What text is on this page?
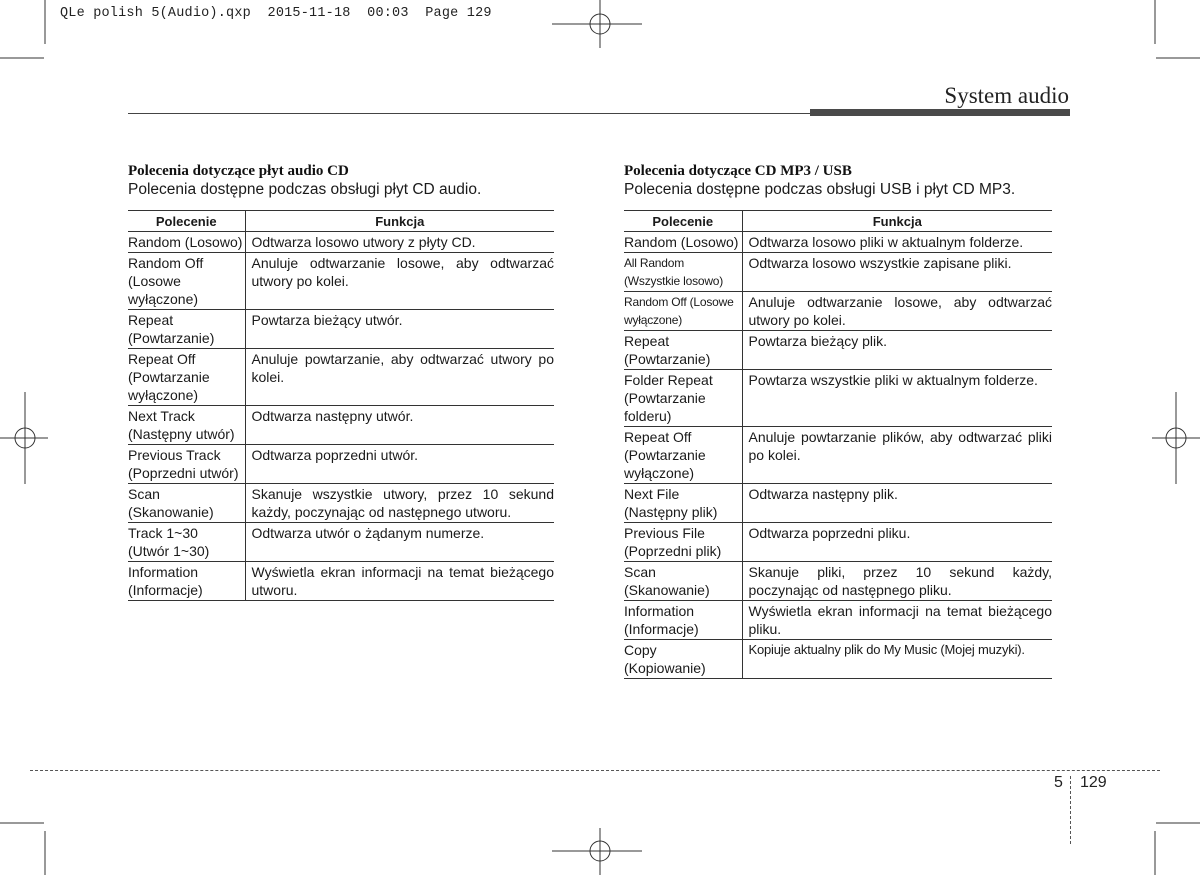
QLe polish 5(Audio).qxp  2015-11-18  00:03  Page 129
System audio
Polecenia dotyczące płyt audio CD
Polecenia dostępne podczas obsługi płyt CD audio.
Polecenie	Funkcja
Random (Losowo)	Odtwarza losowo utwory z płyty CD.
Random Off (Losowe wyłączone)	Anuluje odtwarzanie losowe, aby odtwarzać utwory po kolei.
Repeat (Powtarzanie)	Powtarza bieżący utwór.
Repeat Off (Powtarzanie wyłączone)	Anuluje powtarzanie, aby odtwarzać utwory po kolei.
Next Track (Następny utwór)	Odtwarza następny utwór.
Previous Track (Poprzedni utwór)	Odtwarza poprzedni utwór.
Scan (Skanowanie)	Skanuje wszystkie utwory, przez 10 sekund każdy, poczynając od następnego utworu.
Track 1~30 (Utwór 1~30)	Odtwarza utwór o żądanym numerze.
Information (Informacje)	Wyświetla ekran informacji na temat bieżącego utworu.
Polecenia dotyczące CD MP3 / USB
Polecenia dostępne podczas obsługi USB i płyt CD MP3.
Polecenie	Funkcja
Random (Losowo)	Odtwarza losowo pliki w aktualnym folderze.
All Random (Wszystkie losowo)	Odtwarza losowo wszystkie zapisane pliki.
Random Off (Losowe wyłączone)	Anuluje odtwarzanie losowe, aby odtwarzać utwory po kolei.
Repeat (Powtarzanie)	Powtarza bieżący plik.
Folder Repeat (Powtarzanie folderu)	Powtarza wszystkie pliki w aktualnym folderze.
Repeat Off (Powtarzanie wyłączone)	Anuluje powtarzanie plików, aby odtwarzać pliki po kolei.
Next File (Następny plik)	Odtwarza następny plik.
Previous File (Poprzedni plik)	Odtwarza poprzedni pliku.
Scan (Skanowanie)	Skanuje pliki, przez 10 sekund każdy, poczynając od następnego pliku.
Information (Informacje)	Wyświetla ekran informacji na temat bieżącego pliku.
Copy (Kopiowanie)	Kopiuje aktualny plik do My Music (Mojej muzyki).
5 129
